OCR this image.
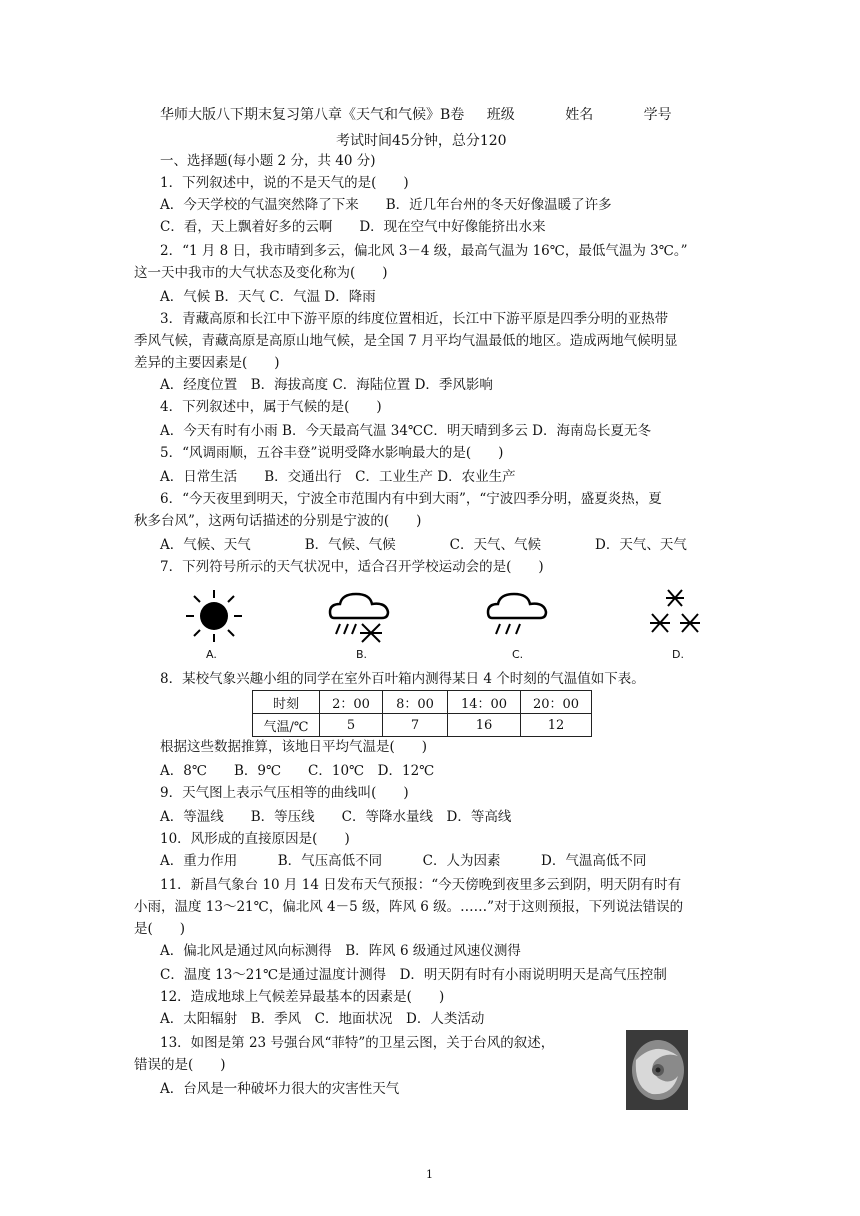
华师大版八下期末复习第八章《天气和气候》B卷 班级	姓名	学号
考试时间45分钟，总分120
一、选择题(每小题 2 分，共 40 分)
1．下列叙述中，说的不是天气的是(　　)
A．今天学校的气温突然降了下来　　B．近几年台州的冬天好像温暖了许多
C．看，天上飘着好多的云啊　　D．现在空气中好像能挤出水来
2．“1 月 8 日，我市晴到多云，偏北风 3－4 级，最高气温为 16℃，最低气温为 3℃。”
这一天中我市的大气状态及变化称为(　　)
A．气候 B．天气 C．气温 D．降雨
3．青藏高原和长江中下游平原的纬度位置相近，长江中下游平原是四季分明的亚热带
季风气候，青藏高原是高原山地气候，是全国 7 月平均气温最低的地区。造成两地气候明显
差异的主要因素是(　　)
A．经度位置　B．海拔高度 C．海陆位置 D．季风影响
4．下列叙述中，属于气候的是(　　)
A．今天有时有小雨 B．今天最高气温 34℃C．明天晴到多云 D．海南岛长夏无冬
5．“风调雨顺，五谷丰登”说明受降水影响最大的是(　　)
A．日常生活　　B．交通出行　C．工业生产 D．农业生产
6．“今天夜里到明天，宁波全市范围内有中到大雨”，“宁波四季分明，盛夏炎热，夏
秋多台风”，这两句话描述的分别是宁波的(　　)
A．气候、天气　　　　B．气候、气候　　　　C．天气、气候　　　　D．天气、天气
7．下列符号所示的天气状况中，适合召开学校运动会的是(　　)
A.	B.	C.	D.
8．某校气象兴趣小组的同学在室外百叶箱内测得某日 4 个时刻的气温值如下表。
时刻	2：00	8：00	14：00	20：00
气温/℃	5	7	16	12
根据这些数据推算，该地日平均气温是(　　)
A．8℃　　B．9℃　　C．10℃　D．12℃
9．天气图上表示气压相等的曲线叫(　　)
A．等温线　　B．等压线　　C．等降水量线　D．等高线
10．风形成的直接原因是(　　)
A．重力作用　　　B．气压高低不同　　　C．人为因素　　　D．气温高低不同
11．新昌气象台 10 月 14 日发布天气预报：“今天傍晚到夜里多云到阴，明天阴有时有
小雨，温度 13～21℃，偏北风 4－5 级，阵风 6 级。……”对于这则预报，下列说法错误的
是(　　)
A．偏北风是通过风向标测得　B．阵风 6 级通过风速仪测得
C．温度 13～21℃是通过温度计测得　D．明天阴有时有小雨说明明天是高气压控制
12．造成地球上气候差异最基本的因素是(　　)
A．太阳辐射　B．季风　C．地面状况　D．人类活动
13．如图是第 23 号强台风“菲特”的卫星云图，关于台风的叙述，
错误的是(　　)
A．台风是一种破坏力很大的灾害性天气
1
